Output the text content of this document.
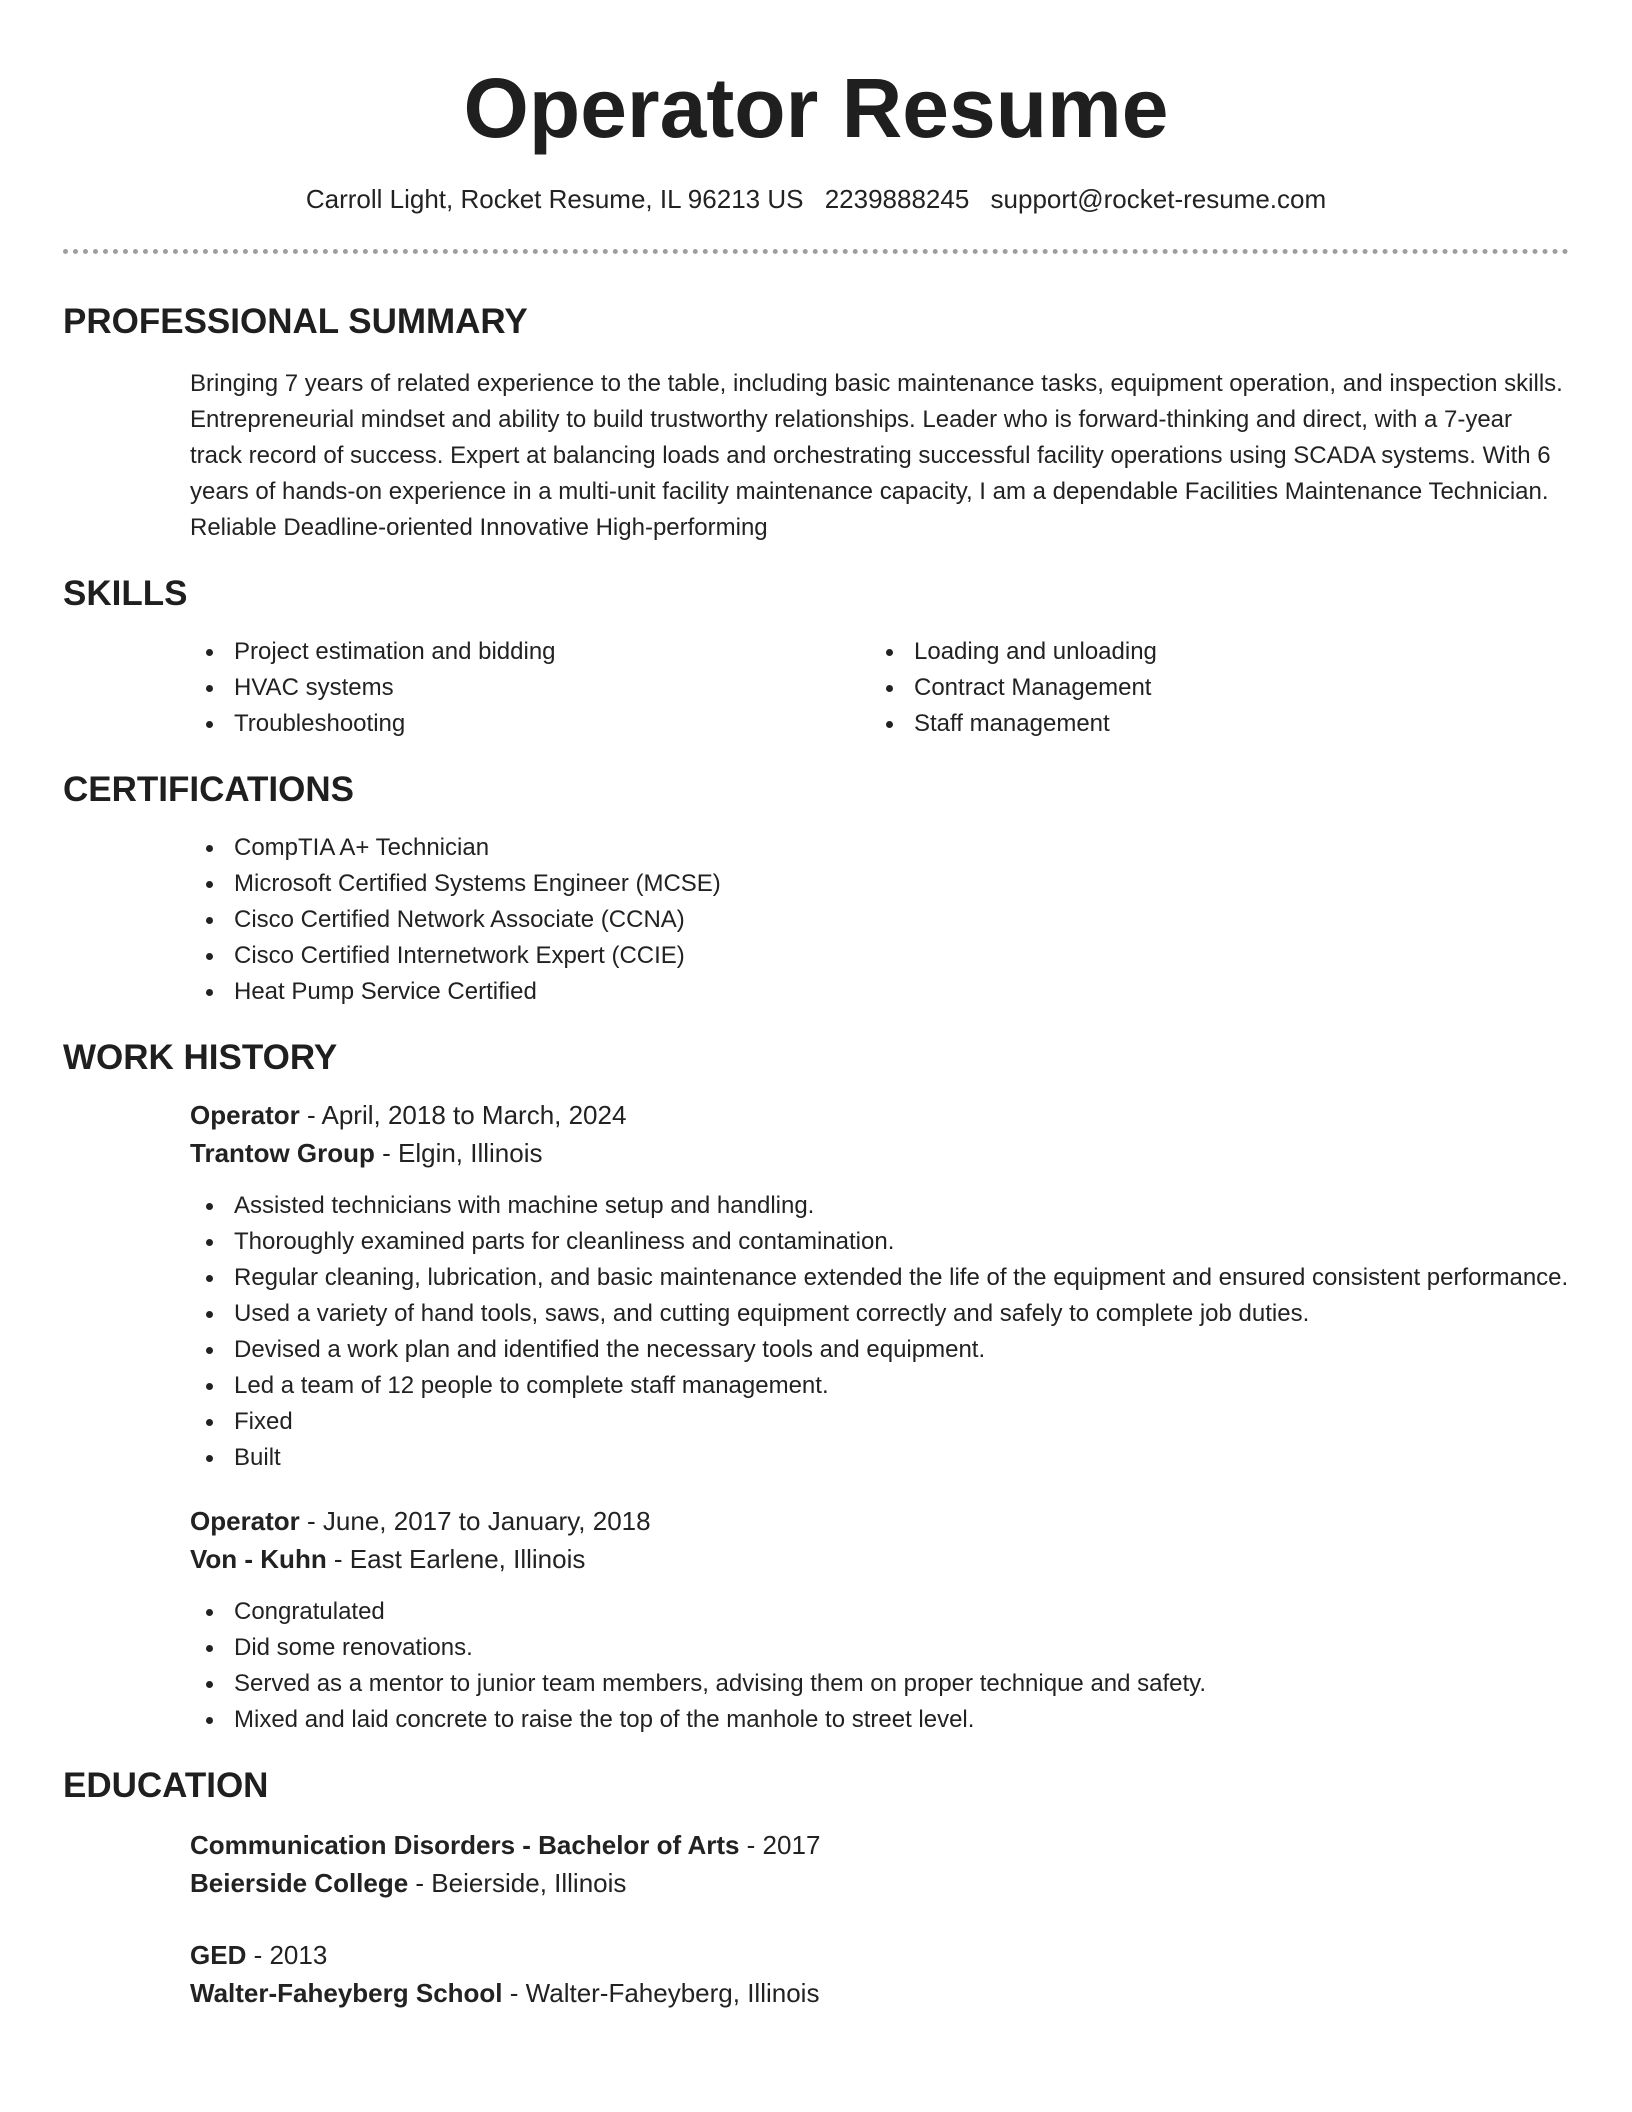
Operator Resume
Carroll Light, Rocket Resume, IL 96213 US 2239888245 support@rocket-resume.com
PROFESSIONAL SUMMARY
Bringing 7 years of related experience to the table, including basic maintenance tasks, equipment operation, and inspection skills. Entrepreneurial mindset and ability to build trustworthy relationships. Leader who is forward-thinking and direct, with a 7-year track record of success. Expert at balancing loads and orchestrating successful facility operations using SCADA systems. With 6 years of hands-on experience in a multi-unit facility maintenance capacity, I am a dependable Facilities Maintenance Technician. Reliable Deadline-oriented Innovative High-performing
SKILLS
Project estimation and bidding
HVAC systems
Troubleshooting
Loading and unloading
Contract Management
Staff management
CERTIFICATIONS
CompTIA A+ Technician
Microsoft Certified Systems Engineer (MCSE)
Cisco Certified Network Associate (CCNA)
Cisco Certified Internetwork Expert (CCIE)
Heat Pump Service Certified
WORK HISTORY
Operator - April, 2018 to March, 2024
Trantow Group - Elgin, Illinois
Assisted technicians with machine setup and handling.
Thoroughly examined parts for cleanliness and contamination.
Regular cleaning, lubrication, and basic maintenance extended the life of the equipment and ensured consistent performance.
Used a variety of hand tools, saws, and cutting equipment correctly and safely to complete job duties.
Devised a work plan and identified the necessary tools and equipment.
Led a team of 12 people to complete staff management.
Fixed
Built
Operator - June, 2017 to January, 2018
Von - Kuhn - East Earlene, Illinois
Congratulated
Did some renovations.
Served as a mentor to junior team members, advising them on proper technique and safety.
Mixed and laid concrete to raise the top of the manhole to street level.
EDUCATION
Communication Disorders - Bachelor of Arts - 2017
Beierside College - Beierside, Illinois
GED - 2013
Walter-Faheyberg School - Walter-Faheyberg, Illinois
